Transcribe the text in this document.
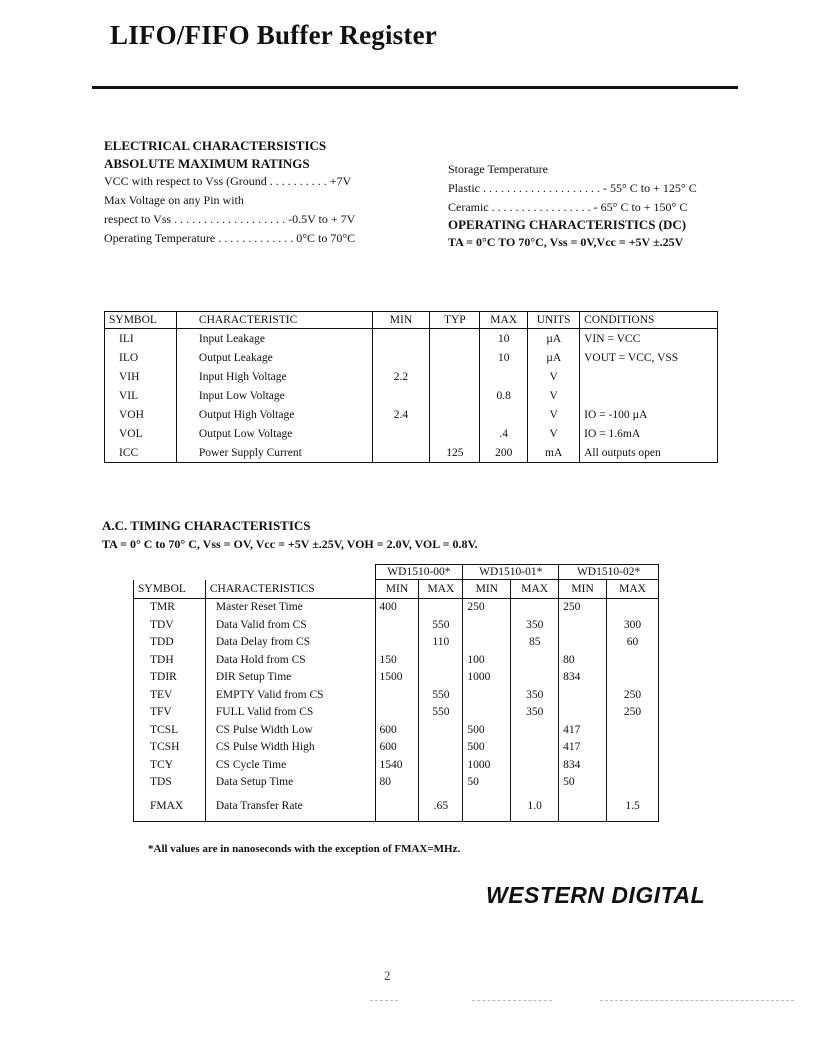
LIFO/FIFO Buffer Register
ELECTRICAL CHARACTERSISTICS
ABSOLUTE MAXIMUM RATINGS
VCC with respect to Vss (Ground . . . . . . . . . . +7V
Max Voltage on any Pin with
respect to Vss . . . . . . . . . . . . . . . . . . . -0.5V to + 7V
Operating Temperature . . . . . . . . . . . . . 0°C to 70°C
Storage Temperature
Plastic . . . . . . . . . . . . . . . . . . . . - 55° C to + 125° C
Ceramic . . . . . . . . . . . . . . . . . - 65° C to + 150° C
OPERATING CHARACTERISTICS (DC)
TA = 0°C TO 70°C, Vss = 0V,Vcc = +5V ±.25V
SYMBOL	CHARACTERISTIC	MIN	TYP	MAX	UNITS	CONDITIONS
ILI	Input Leakage			10	µA	VIN = VCC
ILO	Output Leakage			10	µA	VOUT = VCC, VSS
VIH	Input High Voltage	2.2			V	
VIL	Input Low Voltage			0.8	V	
VOH	Output High Voltage	2.4			V	IO = -100 µA
VOL	Output Low Voltage			.4	V	IO = 1.6mA
ICC	Power Supply Current		125	200	mA	All outputs open
A.C. TIMING CHARACTERISTICS
TA = 0° C to 70° C, Vss = OV, Vcc = +5V ±.25V, VOH = 2.0V, VOL = 0.8V.
		WD1510-00*		WD1510-01*		WD1510-02*	
SYMBOL	CHARACTERISTICS	MIN	MAX	MIN	MAX	MIN	MAX
TMR	Master Reset Time	400		250		250	
TDV	Data Valid from CS		550		350		300
TDD	Data Delay from CS		110		85		60
TDH	Data Hold from CS	150		100		80	
TDIR	DIR Setup Time	1500		1000		834	
TEV	EMPTY Valid from CS		550		350		250
TFV	FULL Valid from CS		550		350		250
TCSL	CS Pulse Width Low	600		500		417	
TCSH	CS Pulse Width High	600		500		417	
TCY	CS Cycle Time	1540		1000		834	
TDS	Data Setup Time	80		50		50	
FMAX	Data Transfer Rate		.65		1.0		1.5
*All values are in nanoseconds with the exception of FMAX=MHz.
WESTERN DIGITAL
2
